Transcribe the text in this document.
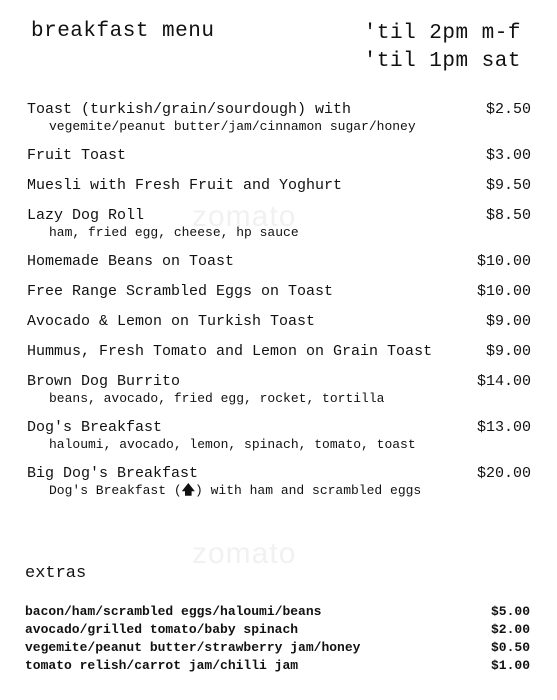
zomato
zomato
breakfast menu	'til 2pm m-f
'til 1pm sat
Toast (turkish/grain/sourdough) with	$2.50
vegemite/peanut butter/jam/cinnamon sugar/honey
Fruit Toast	$3.00
Muesli with Fresh Fruit and Yoghurt	$9.50
Lazy Dog Roll	$8.50
ham, fried egg, cheese, hp sauce
Homemade Beans on Toast	$10.00
Free Range Scrambled Eggs on Toast	$10.00
Avocado & Lemon on Turkish Toast	$9.00
Hummus, Fresh Tomato and Lemon on Grain Toast	$9.00
Brown Dog Burrito	$14.00
beans, avocado, fried egg, rocket, tortilla
Dog's Breakfast	$13.00
haloumi, avocado, lemon, spinach, tomato, toast
Big Dog's Breakfast	$20.00
Dog's Breakfast (🡅) with ham and scrambled eggs
extras
bacon/ham/scrambled eggs/haloumi/beans	$5.00
avocado/grilled tomato/baby spinach	$2.00
vegemite/peanut butter/strawberry jam/honey	$0.50
tomato relish/carrot jam/chilli jam	$1.00
